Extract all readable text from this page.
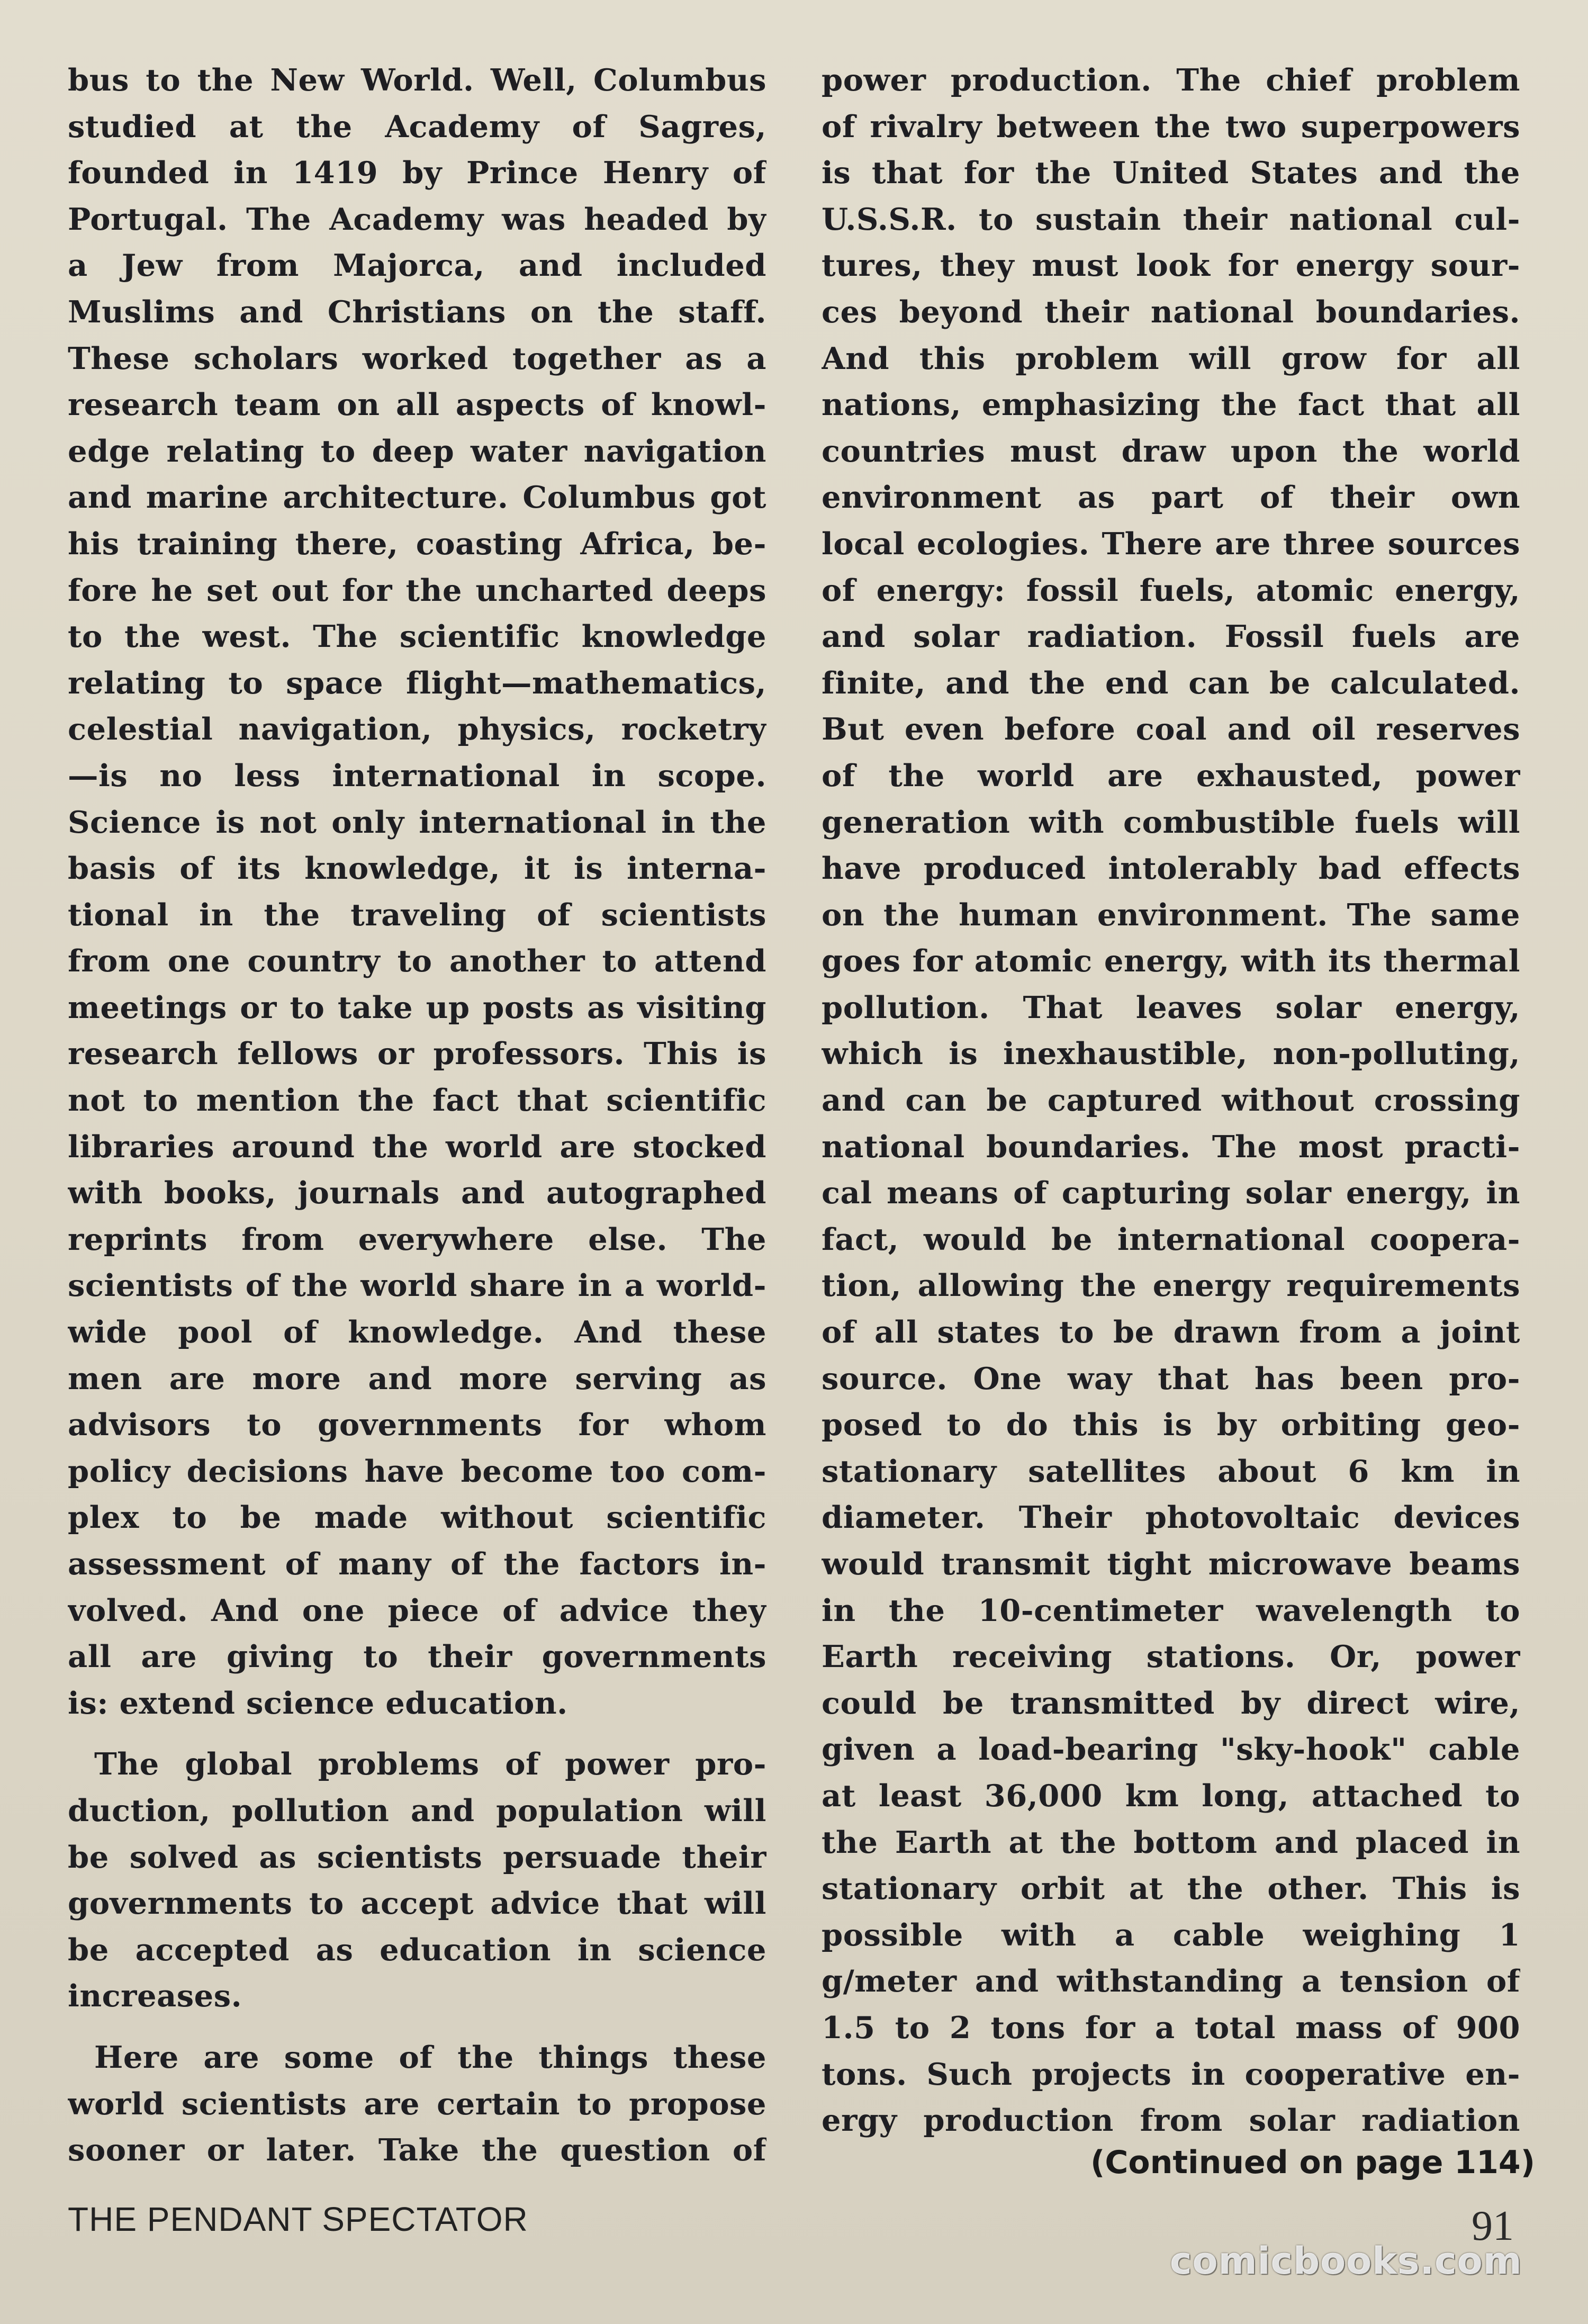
bus to the New World. Well, Columbus
studied at the Academy of Sagres,
founded in 1419 by Prince Henry of
Portugal. The Academy was headed by
a Jew from Majorca, and included
Muslims and Christians on the staff.
These scholars worked together as a
research team on all aspects of knowl-
edge relating to deep water navigation
and marine architecture. Columbus got
his training there, coasting Africa, be-
fore he set out for the uncharted deeps
to the west. The scientific knowledge
relating to space flight—mathematics,
celestial navigation, physics, rocketry
—is no less international in scope.
Science is not only international in the
basis of its knowledge, it is interna-
tional in the traveling of scientists
from one country to another to attend
meetings or to take up posts as visiting
research fellows or professors. This is
not to mention the fact that scientific
libraries around the world are stocked
with books, journals and autographed
reprints from everywhere else. The
scientists of the world share in a world-
wide pool of knowledge. And these
men are more and more serving as
advisors to governments for whom
policy decisions have become too com-
plex to be made without scientific
assessment of many of the factors in-
volved. And one piece of advice they
all are giving to their governments
is: extend science education.
The global problems of power pro-
duction, pollution and population will
be solved as scientists persuade their
governments to accept advice that will
be accepted as education in science
increases.
Here are some of the things these
world scientists are certain to propose
sooner or later. Take the question of
power production. The chief problem
of rivalry between the two superpowers
is that for the United States and the
U.S.S.R. to sustain their national cul-
tures, they must look for energy sour-
ces beyond their national boundaries.
And this problem will grow for all
nations, emphasizing the fact that all
countries must draw upon the world
environment as part of their own
local ecologies. There are three sources
of energy: fossil fuels, atomic energy,
and solar radiation. Fossil fuels are
finite, and the end can be calculated.
But even before coal and oil reserves
of the world are exhausted, power
generation with combustible fuels will
have produced intolerably bad effects
on the human environment. The same
goes for atomic energy, with its thermal
pollution. That leaves solar energy,
which is inexhaustible, non-polluting,
and can be captured without crossing
national boundaries. The most practi-
cal means of capturing solar energy, in
fact, would be international coopera-
tion, allowing the energy requirements
of all states to be drawn from a joint
source. One way that has been pro-
posed to do this is by orbiting geo-
stationary satellites about 6 km in
diameter. Their photovoltaic devices
would transmit tight microwave beams
in the 10-centimeter wavelength to
Earth receiving stations. Or, power
could be transmitted by direct wire,
given a load-bearing "sky-hook" cable
at least 36,000 km long, attached to
the Earth at the bottom and placed in
stationary orbit at the other. This is
possible with a cable weighing 1
g/meter and withstanding a tension of
1.5 to 2 tons for a total mass of 900
tons. Such projects in cooperative en-
ergy production from solar radiation
(Continued on page 114)
THE PENDANT SPECTATOR	91
comicbooks.com
